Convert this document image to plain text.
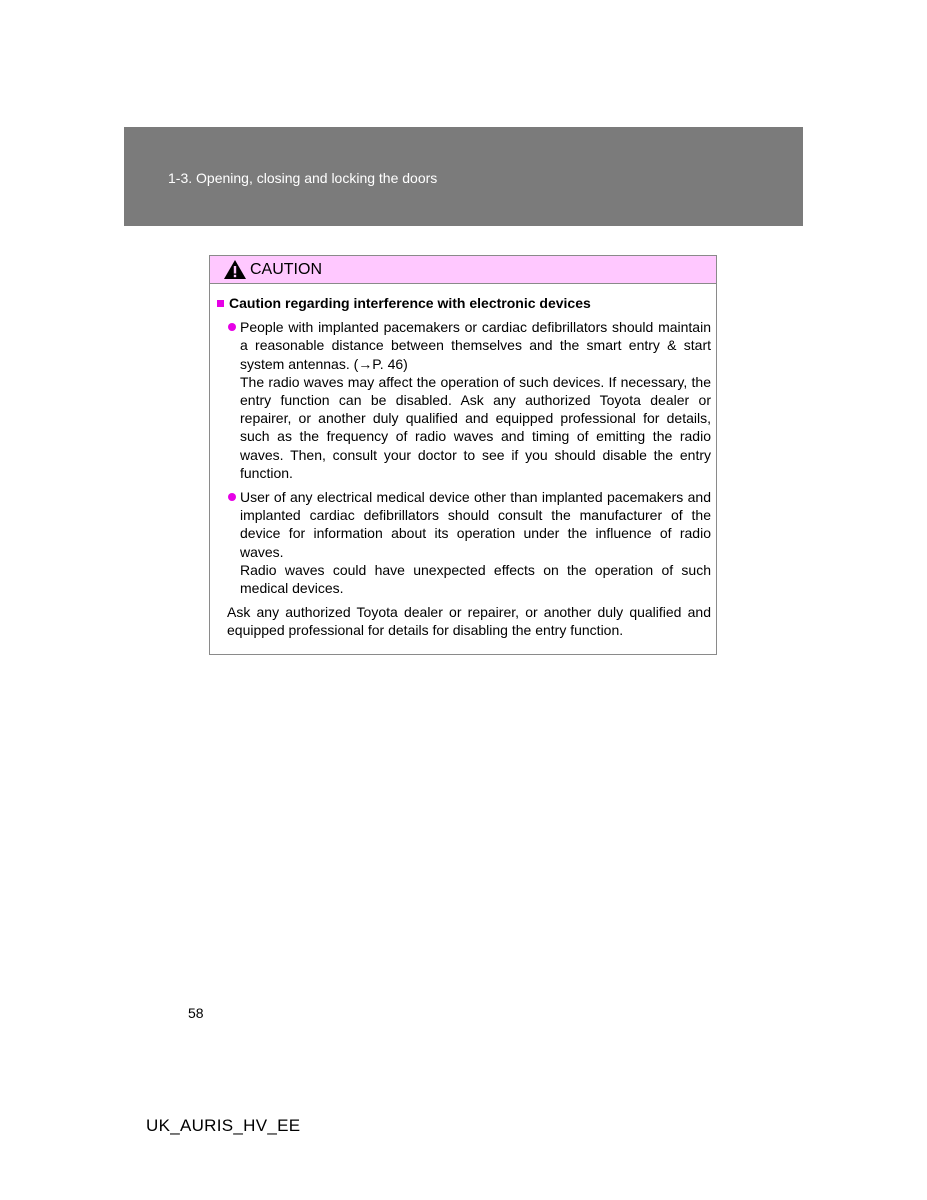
1-3. Opening, closing and locking the doors
CAUTION
Caution regarding interference with electronic devices

People with implanted pacemakers or cardiac defibrillators should maintain a reasonable distance between themselves and the smart entry & start system antennas. (→P. 46)

The radio waves may affect the operation of such devices. If necessary, the entry function can be disabled. Ask any authorized Toyota dealer or repairer, or another duly qualified and equipped professional for details, such as the frequency of radio waves and timing of emitting the radio waves. Then, consult your doctor to see if you should disable the entry function.

User of any electrical medical device other than implanted pacemakers and implanted cardiac defibrillators should consult the manufacturer of the device for information about its operation under the influence of radio waves.

Radio waves could have unexpected effects on the operation of such medical devices.

Ask any authorized Toyota dealer or repairer, or another duly qualified and equipped professional for details for disabling the entry function.

58
UK_AURIS_HV_EE
